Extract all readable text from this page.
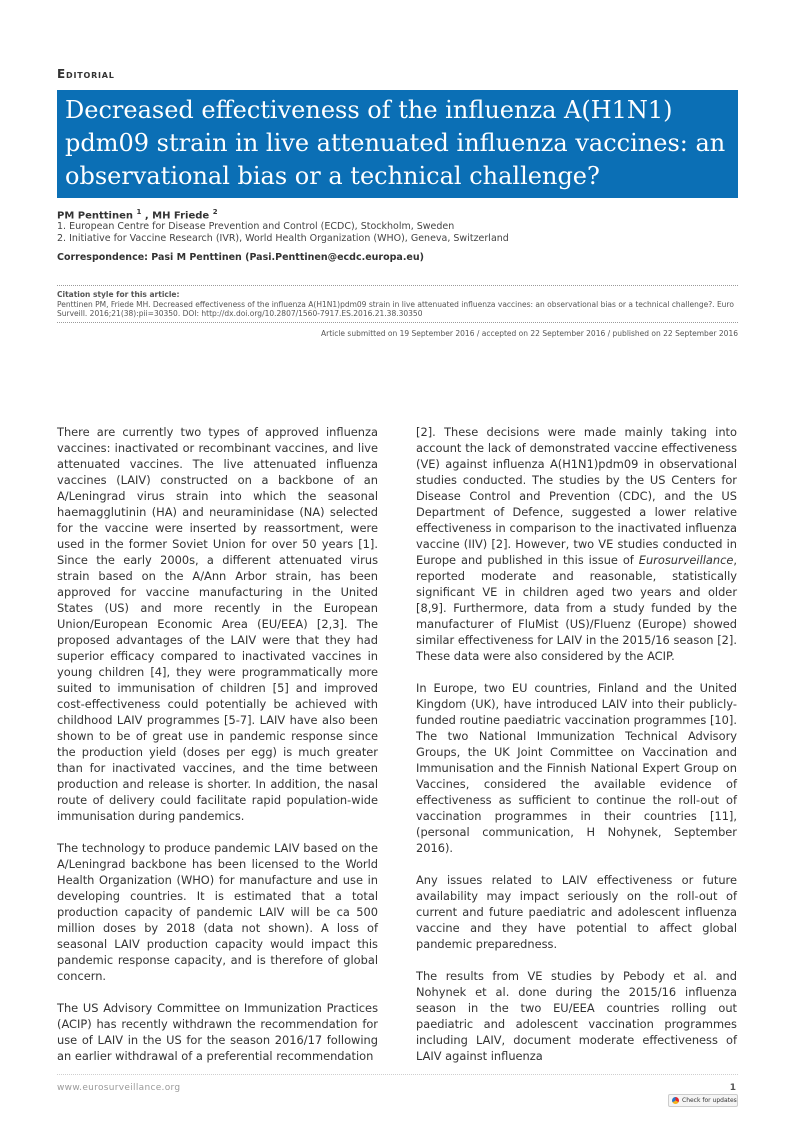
Editorial
Decreased effectiveness of the influenza A(H1N1) pdm09 strain in live attenuated influenza vaccines: an observational bias or a technical challenge?
PM Penttinen $^1$ , MH Friede $^2$
1. European Centre for Disease Prevention and Control (ECDC), Stockholm, Sweden
2. Initiative for Vaccine Research (IVR), World Health Organization (WHO), Geneva, Switzerland
Correspondence: Pasi M Penttinen (Pasi.Penttinen@ecdc.europa.eu)
Citation style for this article:
Penttinen PM, Friede MH. Decreased effectiveness of the influenza A(H1N1)pdm09 strain in live attenuated influenza vaccines: an observational bias or a technical challenge?. Euro Surveill. 2016;21(38):pii=30350. DOI: http://dx.doi.org/10.2807/1560-7917.ES.2016.21.38.30350
Article submitted on 19 September 2016 / accepted on 22 September 2016 / published on 22 September 2016

There are currently two types of approved influenza vaccines: inactivated or recombinant vaccines, and live attenuated vaccines. The live attenuated influenza vaccines (LAIV) constructed on a backbone of an A/Leningrad virus strain into which the seasonal haemagglutinin (HA) and neuraminidase (NA) selected for the vaccine were inserted by reassortment, were used in the former Soviet Union for over 50 years [1]. Since the early 2000s, a different attenuated virus strain based on the A/Ann Arbor strain, has been approved for vaccine manufacturing in the United States (US) and more recently in the European Union/European Economic Area (EU/EEA) [2,3]. The proposed advantages of the LAIV were that they had superior efficacy compared to inactivated vaccines in young children [4], they were programmatically more suited to immunisation of children [5] and improved cost-effectiveness could potentially be achieved with childhood LAIV programmes [5-7]. LAIV have also been shown to be of great use in pandemic response since the production yield (doses per egg) is much greater than for inactivated vaccines, and the time between production and release is shorter. In addition, the nasal route of delivery could facilitate rapid population-wide immunisation during pandemics.

The technology to produce pandemic LAIV based on the A/Leningrad backbone has been licensed to the World Health Organization (WHO) for manufacture and use in developing countries. It is estimated that a total production capacity of pandemic LAIV will be ca 500 million doses by 2018 (data not shown). A loss of seasonal LAIV production capacity would impact this pandemic response capacity, and is therefore of global concern.

The US Advisory Committee on Immunization Practices (ACIP) has recently withdrawn the recommendation for use of LAIV in the US for the season 2016/17 following an earlier withdrawal of a preferential recommendation

[2]. These decisions were made mainly taking into account the lack of demonstrated vaccine effectiveness (VE) against influenza A(H1N1)pdm09 in observational studies conducted. The studies by the US Centers for Disease Control and Prevention (CDC), and the US Department of Defence, suggested a lower relative effectiveness in comparison to the inactivated influenza vaccine (IIV) [2]. However, two VE studies conducted in Europe and published in this issue of Eurosurveillance, reported moderate and reasonable, statistically significant VE in children aged two years and older [8,9]. Furthermore, data from a study funded by the manufacturer of FluMist (US)/Fluenz (Europe) showed similar effectiveness for LAIV in the 2015/16 season [2]. These data were also considered by the ACIP.

In Europe, two EU countries, Finland and the United Kingdom (UK), have introduced LAIV into their publicly-funded routine paediatric vaccination programmes [10]. The two National Immunization Technical Advisory Groups, the UK Joint Committee on Vaccination and Immunisation and the Finnish National Expert Group on Vaccines, considered the available evidence of effectiveness as sufficient to continue the roll-out of vaccination programmes in their countries [11], (personal communication, H Nohynek, September 2016).

Any issues related to LAIV effectiveness or future availability may impact seriously on the roll-out of current and future paediatric and adolescent influenza vaccine and they have potential to affect global pandemic preparedness.

The results from VE studies by Pebody et al. and Nohynek et al. done during the 2015/16 influenza season in the two EU/EEA countries rolling out paediatric and adolescent vaccination programmes including LAIV, document moderate effectiveness of LAIV against influenza

www.eurosurveillance.org	1
Check for updates
